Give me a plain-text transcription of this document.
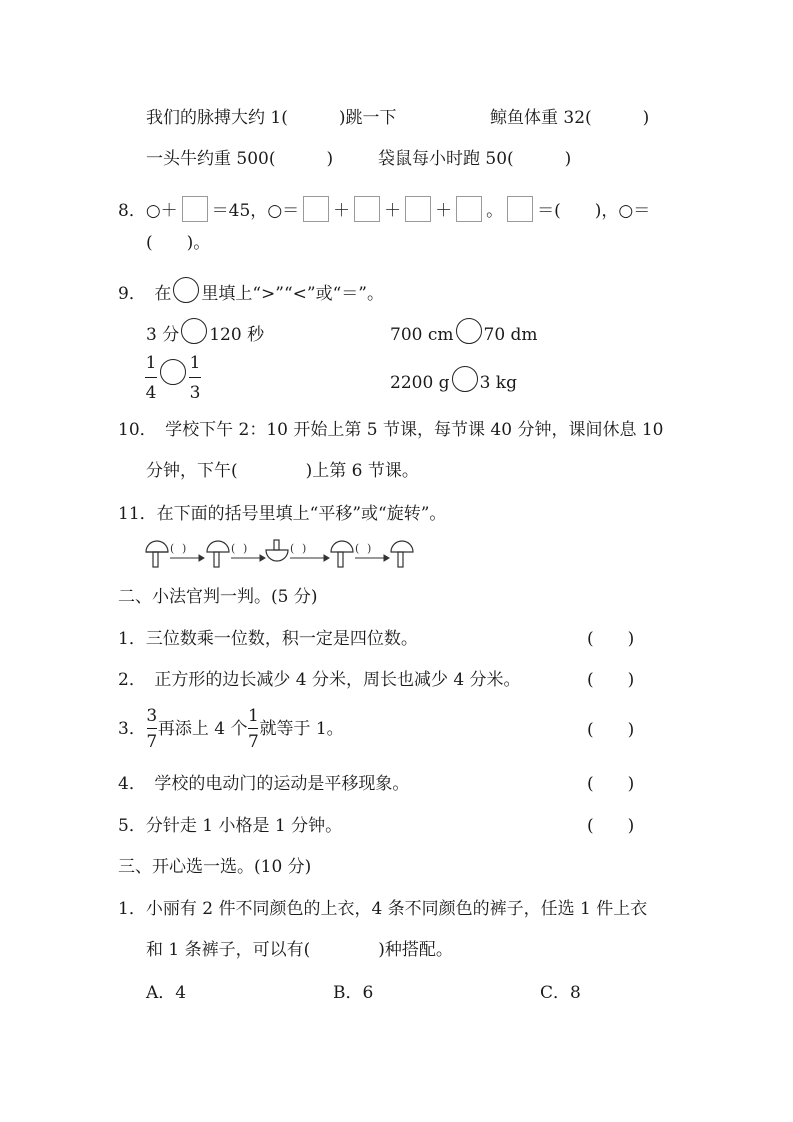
我们的脉搏大约 1(　　　)跳一下	鲸鱼体重 32(　　　)
一头牛约重 500(　　　)	袋鼠每小时跑 50(　　　)
8．○＋ ＝45，○＝ ＋ ＋ ＋ 。 ＝(　　)，○＝
(　　)。
9．　 在 里填上“>”“<”或“＝”。
3 分 120 秒	700 cm 70 dm
$\frac{1}{4} \frac{1}{3}$	2200 g 3 kg
10．　学校下午 2：10 开始上第 5 节课，每节课 40 分钟，课间休息 10
分钟，下午(　　　　)上第 6 节课。
11．在下面的括号里填上“平移”或“旋转”。
( )	( )	( )	( )
二、小法官判一判。(5 分)
1．三位数乘一位数，积一定是四位数。	(　　)
2．　正方形的边长减少 4 分米，周长也减少 4 分米。	(　　)
3． $\frac{3}{7}$ 再添上 4 个 $\frac{1}{7}$ 就等于 1。	(　　)
4．　学校的电动门的运动是平移现象。	(　　)
5．分针走 1 小格是 1 分钟。	(　　)
三、开心选一选。(10 分)
1．小丽有 2 件不同颜色的上衣，4 条不同颜色的裤子，任选 1 件上衣
和 1 条裤子，可以有(　　　　)种搭配。
A．4	B．6	C．8
